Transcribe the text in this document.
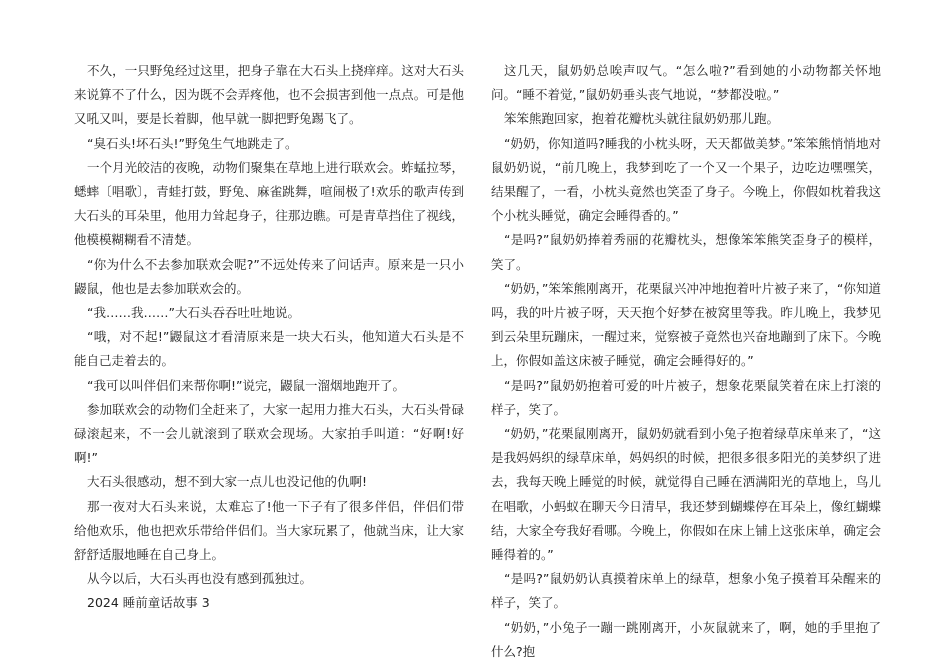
不久，一只野兔经过这里，把身子靠在大石头上挠痒痒。这对大石头来说算不了什么，因为既不会弄疼他，也不会损害到他一点点。可是他又吼又叫，要是长着脚，他早就一脚把野兔踢飞了。

“臭石头!坏石头!”野兔生气地跳走了。

一个月光皎洁的夜晚，动物们聚集在草地上进行联欢会。蚱蜢拉琴，蟋蟀〔唱歌〕，青蛙打鼓，野兔、麻雀跳舞，喧闹极了!欢乐的歌声传到大石头的耳朵里，他用力耸起身子，往那边瞧。可是青草挡住了视线，他模模糊糊看不清楚。

“你为什么不去参加联欢会呢?”不远处传来了问话声。原来是一只小鼹鼠，他也是去参加联欢会的。

“我……我……”大石头吞吞吐吐地说。

“哦，对不起!”鼹鼠这才看清原来是一块大石头，他知道大石头是不能自己走着去的。

“我可以叫伴侣们来帮你啊!”说完，鼹鼠一溜烟地跑开了。

参加联欢会的动物们全赶来了，大家一起用力推大石头，大石头骨碌碌滚起来，不一会儿就滚到了联欢会现场。大家拍手叫道：“好啊!好啊!”

大石头很感动，想不到大家一点儿也没记他的仇啊!

那一夜对大石头来说，太难忘了!他一下子有了很多伴侣，伴侣们带给他欢乐，他也把欢乐带给伴侣们。当大家玩累了，他就当床，让大家舒舒适服地睡在自己身上。

从今以后，大石头再也没有感到孤独过。

2024 睡前童话故事 3

这几天，鼠奶奶总唉声叹气。“怎么啦?”看到她的小动物都关怀地问。“睡不着觉，”鼠奶奶垂头丧气地说，“梦都没啦。”

笨笨熊跑回家，抱着花瓣枕头就往鼠奶奶那儿跑。

“奶奶，你知道吗?睡我的小枕头呀，天天都做美梦。”笨笨熊悄悄地对鼠奶奶说，“前几晚上，我梦到吃了一个又一个果子，边吃边嘿嘿笑，结果醒了，一看，小枕头竟然也笑歪了身子。今晚上，你假如枕着我这个小枕头睡觉，确定会睡得香的。”

“是吗?”鼠奶奶捧着秀丽的花瓣枕头，想像笨笨熊笑歪身子的模样，笑了。

“奶奶，”笨笨熊刚离开，花栗鼠兴冲冲地抱着叶片被子来了，“你知道吗，我的叶片被子呀，天天抱个好梦在被窝里等我。昨儿晚上，我梦见到云朵里玩蹦床，一醒过来，觉察被子竟然也兴奋地蹦到了床下。今晚上，你假如盖这床被子睡觉，确定会睡得好的。”

“是吗?”鼠奶奶抱着可爱的叶片被子，想象花栗鼠笑着在床上打滚的样子，笑了。

“奶奶，”花栗鼠刚离开，鼠奶奶就看到小兔子抱着绿草床单来了，“这是我妈妈织的绿草床单，妈妈织的时候，把很多很多阳光的美梦织了进去，我每天晚上睡觉的时候，就觉得自己睡在洒满阳光的草地上，鸟儿在唱歌，小蚂蚁在聊天今日清早，我还梦到蝴蝶停在耳朵上，像红蝴蝶结，大家全夸我好看哪。今晚上，你假如在床上铺上这张床单，确定会睡得着的。”

“是吗?”鼠奶奶认真摸着床单上的绿草，想象小兔子摸着耳朵醒来的样子，笑了。

“奶奶，”小兔子一蹦一跳刚离开，小灰鼠就来了，啊，她的手里抱了什么?抱
